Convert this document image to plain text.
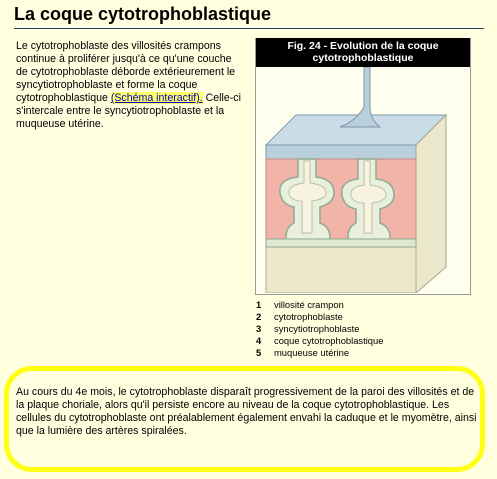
La coque cytotrophoblastique
Le cytotrophoblaste des villosités crampons continue à proliférer jusqu'à ce qu'une couche de cytotrophoblaste déborde extérieurement le syncytiotrophoblaste et forme la coque cytotrophoblastique (Schéma interactif). Celle-ci s'intercale entre le syncytiotrophoblaste et la muqueuse utérine.
Fig. 24 - Evolution de la coque cytotrophoblastique
1 villosité crampon
2 cytotrophoblaste
3 syncytiotrophoblaste
4 coque cytotrophoblastique
5 muqueuse utérine
Au cours du 4e mois, le cytotrophoblaste disparaît progressivement de la paroi des villosités et de la plaque choriale, alors qu'il persiste encore au niveau de la coque cytotrophoblastique. Les cellules du cytotrophoblaste ont préalablement également envahi la caduque et le myomètre, ainsi que la lumière des artères spiralées.
